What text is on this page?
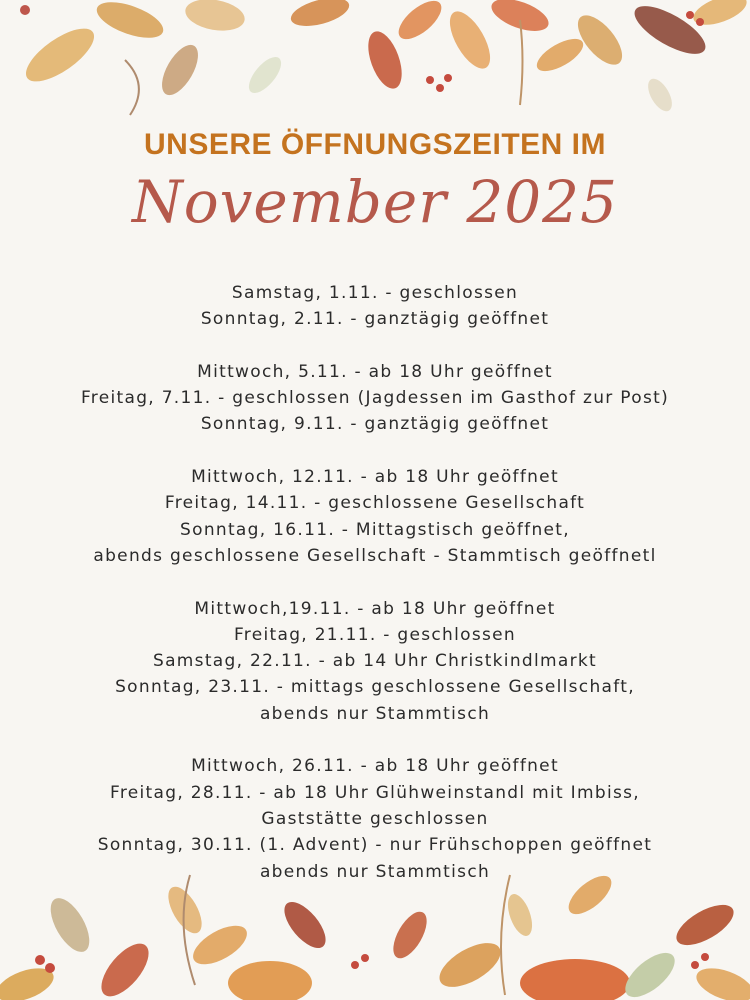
UNSERE ÖFFNUNGSZEITEN IM
November 2025
Samstag, 1.11. - geschlossen
Sonntag, 2.11. - ganztägig geöffnet
Mittwoch, 5.11. - ab 18 Uhr geöffnet
Freitag, 7.11. - geschlossen (Jagdessen im Gasthof zur Post)
Sonntag, 9.11. - ganztägig geöffnet
Mittwoch, 12.11. - ab 18 Uhr geöffnet
Freitag, 14.11. - geschlossene Gesellschaft
Sonntag, 16.11. - Mittagstisch geöffnet,
abends geschlossene Gesellschaft - Stammtisch geöffnetl
Mittwoch,19.11. - ab 18 Uhr geöffnet
Freitag, 21.11. - geschlossen
Samstag, 22.11. - ab 14 Uhr Christkindlmarkt
Sonntag, 23.11. - mittags geschlossene Gesellschaft,
abends nur Stammtisch
Mittwoch, 26.11. - ab 18 Uhr geöffnet
Freitag, 28.11. - ab 18 Uhr Glühweinstandl mit Imbiss,
Gaststätte geschlossen
Sonntag, 30.11. (1. Advent) - nur Frühschoppen geöffnet
abends nur Stammtisch
